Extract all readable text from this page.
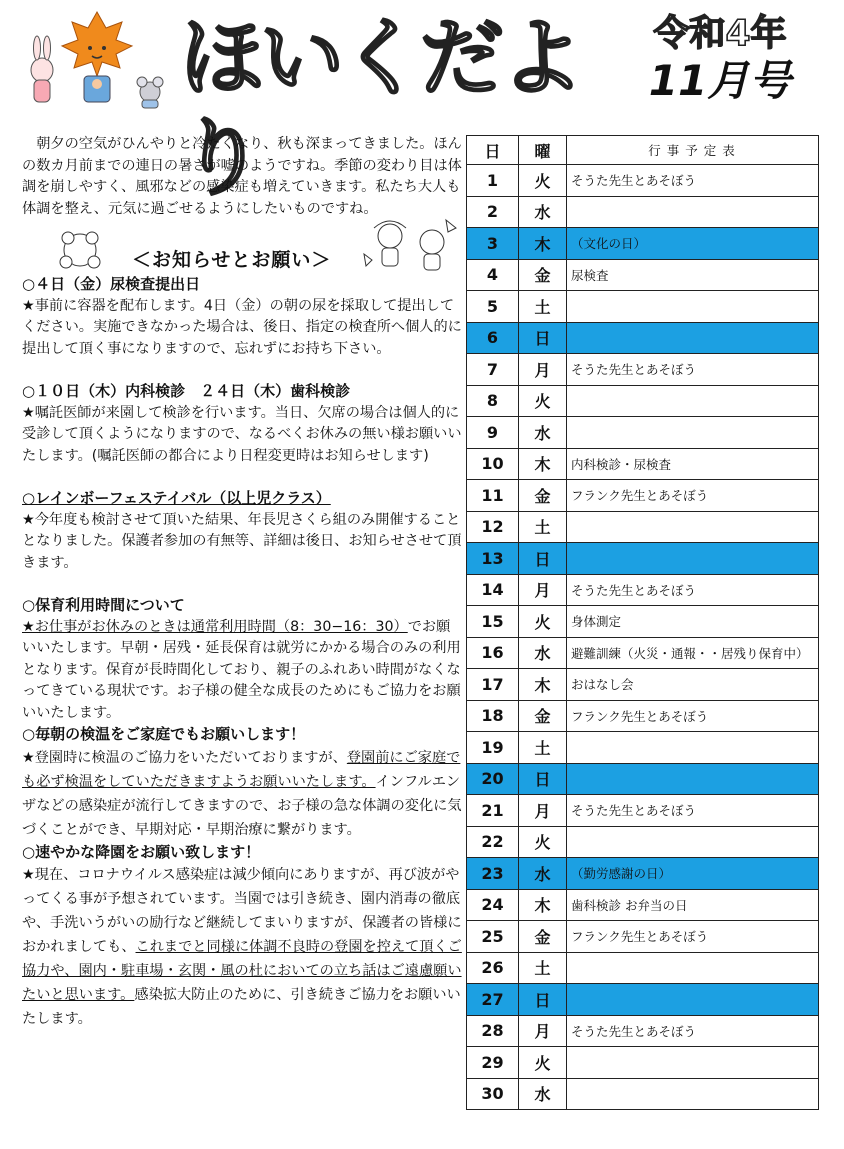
ほいくだより
令和4年
11月号

朝夕の空気がひんやりと冷たくなり、秋も深まってきました。ほんの数カ月前までの連日の暑さが嘘のようですね。季節の変わり目は体調を崩しやすく、風邪などの感染症も増えていきます。私たち大人も体調を整え、元気に過ごせるようにしたいものですね。

＜お知らせとお願い＞
○４日（金）尿検査提出日

★事前に容器を配布します。4日（金）の朝の尿を採取して提出してください。実施できなかった場合は、後日、指定の検査所へ個人的に提出して頂く事になりますので、忘れずにお持ち下さい。

○１０日（木）内科検診　２４日（木）歯科検診

★嘱託医師が来園して検診を行います。当日、欠席の場合は個人的に受診して頂くようになりますので、なるべくお休みの無い様お願いいたします。(嘱託医師の都合により日程変更時はお知らせします)

○レインボーフェステイバル（以上児クラス）

★今年度も検討させて頂いた結果、年長児さくら組のみ開催することとなりました。保護者参加の有無等、詳細は後日、お知らせさせて頂きます。

○保育利用時間について

★お仕事がお休みのときは通常利用時間（8：30−16：30）でお願いいたします。早朝・居残・延長保育は就労にかかる場合のみの利用となります。保育が長時間化しており、親子のふれあい時間がなくなってきている現状です。お子様の健全な成長のためにもご協力をお願いいたします。

○毎朝の検温をご家庭でもお願いします！

★登園時に検温のご協力をいただいておりますが、登園前にご家庭でも必ず検温をしていただきますようお願いいたします。インフルエンザなどの感染症が流行してきますので、お子様の急な体調の変化に気づくことができ、早期対応・早期治療に繋がります。

○速やかな降園をお願い致します！

★現在、コロナウイルス感染症は減少傾向にありますが、再び波がやってくる事が予想されています。当園では引き続き、園内消毒の徹底や、手洗いうがいの励行など継続してまいりますが、保護者の皆様におかれましても、これまでと同様に体調不良時の登園を控えて頂くご協力や、園内・駐車場・玄関・風の杜においての立ち話はご遠慮願いたいと思います。感染拡大防止のために、引き続きご協力をお願いいたします。

日	曜	行事予定表
1	火	そうた先生とあそぼう
2	水	
3	木	（文化の日）
4	金	尿検査
5	土	
6	日	
7	月	そうた先生とあそぼう
8	火	
9	水	
10	木	内科検診・尿検査
11	金	フランク先生とあそぼう
12	土	
13	日	
14	月	そうた先生とあそぼう
15	火	身体測定
16	水	避難訓練（火災・通報・・居残り保育中）
17	木	おはなし会
18	金	フランク先生とあそぼう
19	土	
20	日	
21	月	そうた先生とあそぼう
22	火	
23	水	（勤労感謝の日）
24	木	歯科検診 お弁当の日
25	金	フランク先生とあそぼう
26	土	
27	日	
28	月	そうた先生とあそぼう
29	火	
30	水	
